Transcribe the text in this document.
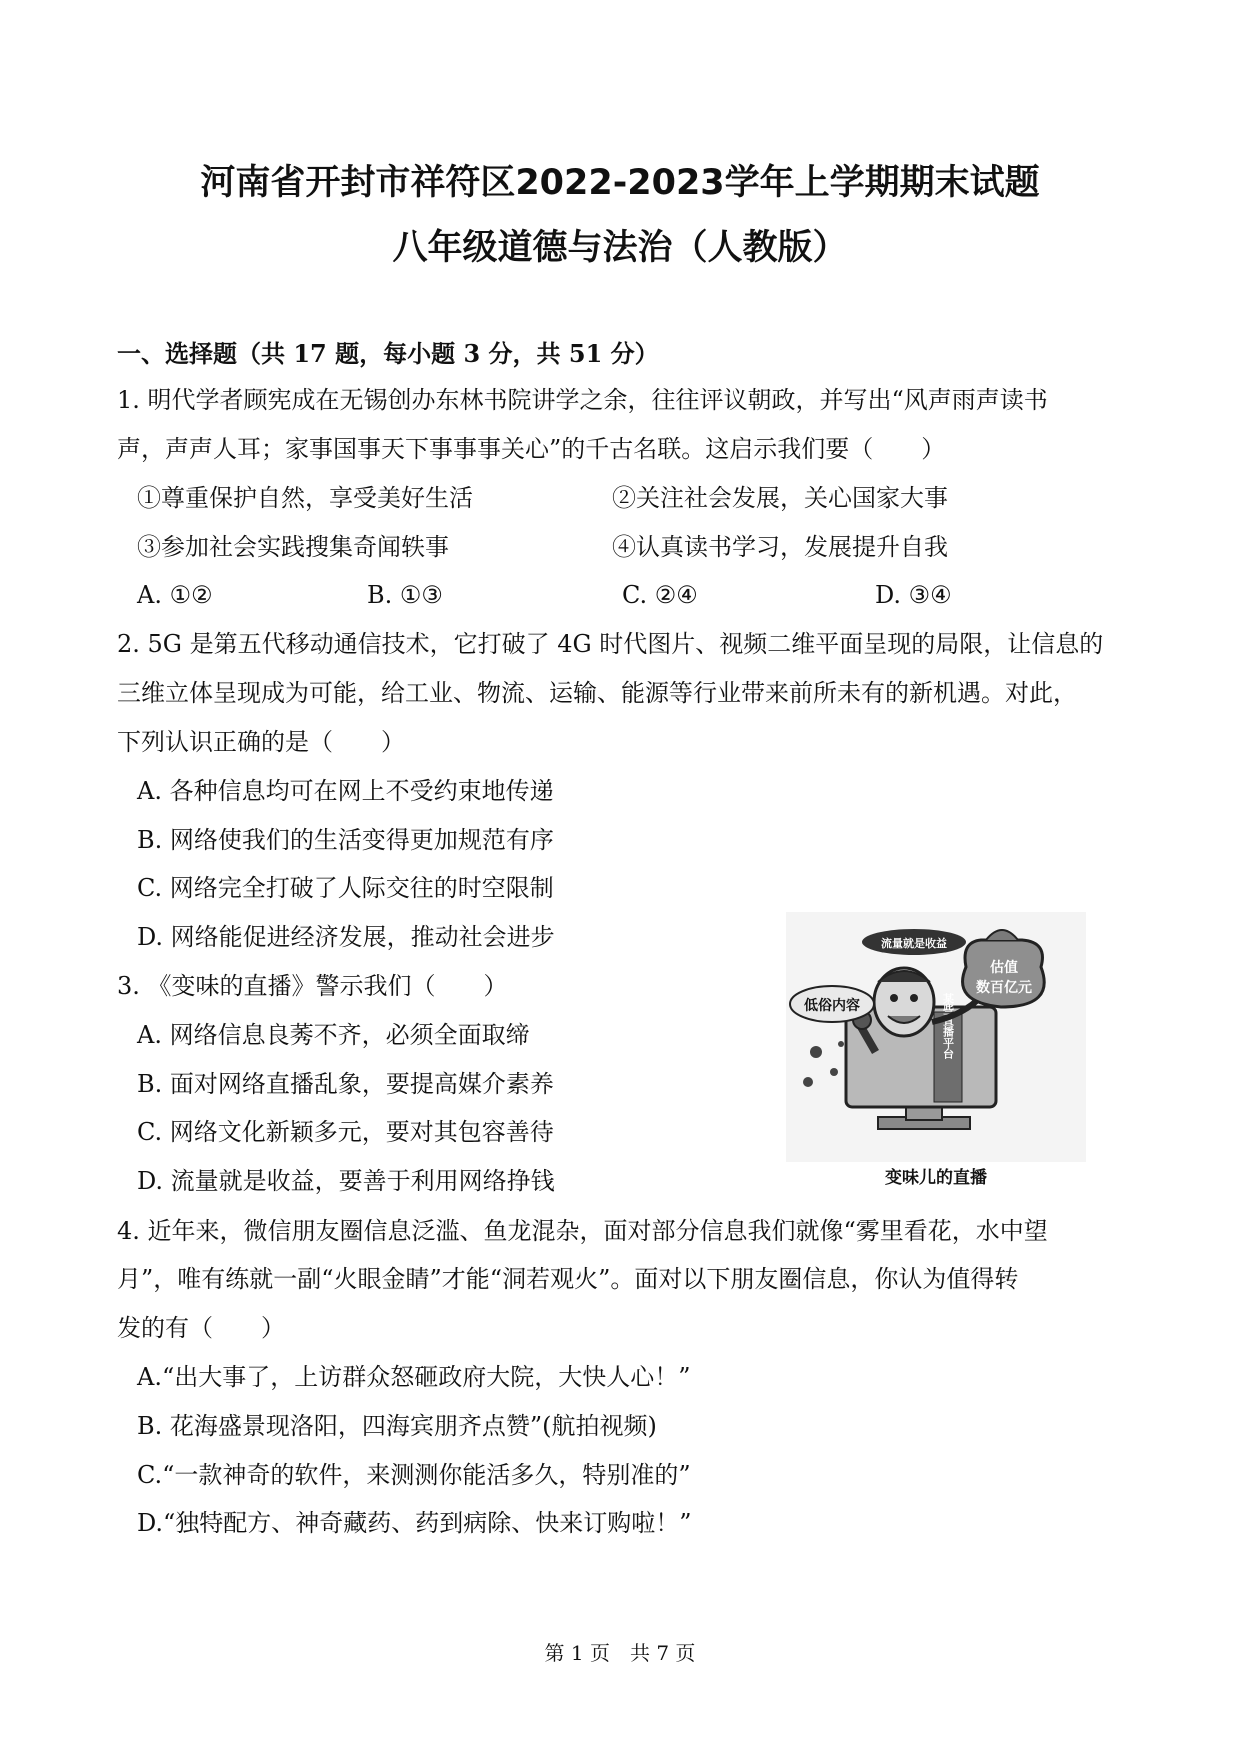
河南省开封市祥符区2022-2023学年上学期期末试题
八年级道德与法治（人教版）
一、选择题（共 17 题，每小题 3 分，共 51 分）
1. 明代学者顾宪成在无锡创办东林书院讲学之余，往往评议朝政，并写出“风声雨声读书
声，声声人耳；家事国事天下事事事关心”的千古名联。这启示我们要（　　）
①尊重保护自然，享受美好生活	②关注社会发展，关心国家大事
③参加社会实践搜集奇闻轶事	④认真读书学习，发展提升自我
A. ①②	B. ①③	C. ②④	D. ③④
2. 5G 是第五代移动通信技术，它打破了 4G 时代图片、视频二维平面呈现的局限，让信息的
三维立体呈现成为可能，给工业、物流、运输、能源等行业带来前所未有的新机遇。对此，
下列认识正确的是（　　）
A. 各种信息均可在网上不受约束地传递
B. 网络使我们的生活变得更加规范有序
C. 网络完全打破了人际交往的时空限制
D. 网络能促进经济发展，推动社会进步
3. 《变味的直播》警示我们（　　）
A. 网络信息良莠不齐，必须全面取缔
B. 面对网络直播乱象，要提高媒介素养
C. 网络文化新颖多元，要对其包容善待
D. 流量就是收益，要善于利用网络挣钱
某些直播平台
估值
数百亿元
流量就是收益
低俗内容
变味儿的直播
4. 近年来，微信朋友圈信息泛滥、鱼龙混杂，面对部分信息我们就像“雾里看花，水中望
月”，唯有练就一副“火眼金睛”才能“洞若观火”。面对以下朋友圈信息，你认为值得转
发的有（　　）
A.“出大事了，上访群众怒砸政府大院，大快人心！”
B. 花海盛景现洛阳，四海宾朋齐点赞”(航拍视频)
C.“一款神奇的软件，来测测你能活多久，特别准的”
D.“独特配方、神奇藏药、药到病除、快来订购啦！”
第 1 页　共 7 页
